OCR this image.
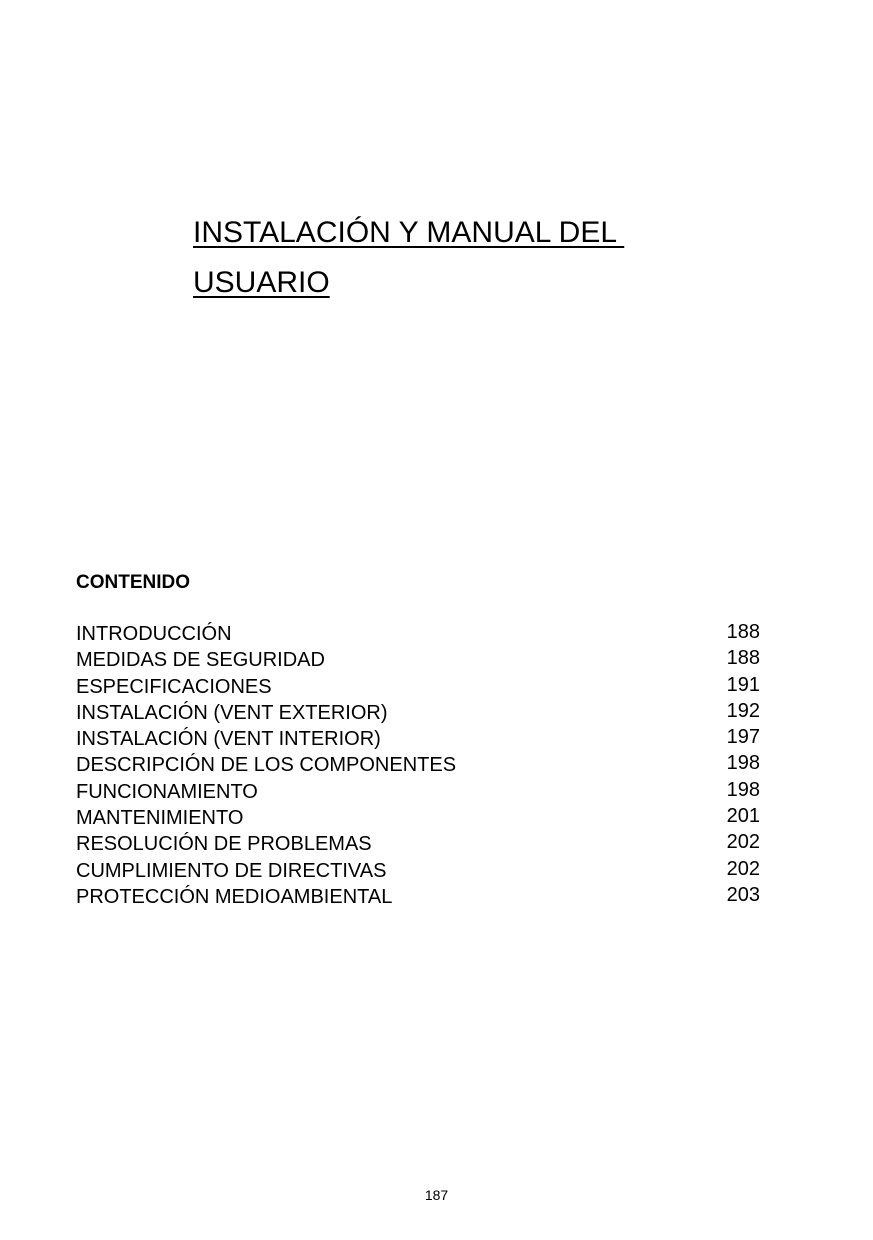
INSTALACIÓN Y MANUAL DEL
USUARIO
CONTENIDO
INTRODUCCIÓN	188
MEDIDAS DE SEGURIDAD	188
ESPECIFICACIONES	191
INSTALACIÓN (VENT EXTERIOR)	192
INSTALACIÓN (VENT INTERIOR)	197
DESCRIPCIÓN DE LOS COMPONENTES	198
FUNCIONAMIENTO	198
MANTENIMIENTO	201
RESOLUCIÓN DE PROBLEMAS	202
CUMPLIMIENTO DE DIRECTIVAS	202
PROTECCIÓN MEDIOAMBIENTAL	203
187
